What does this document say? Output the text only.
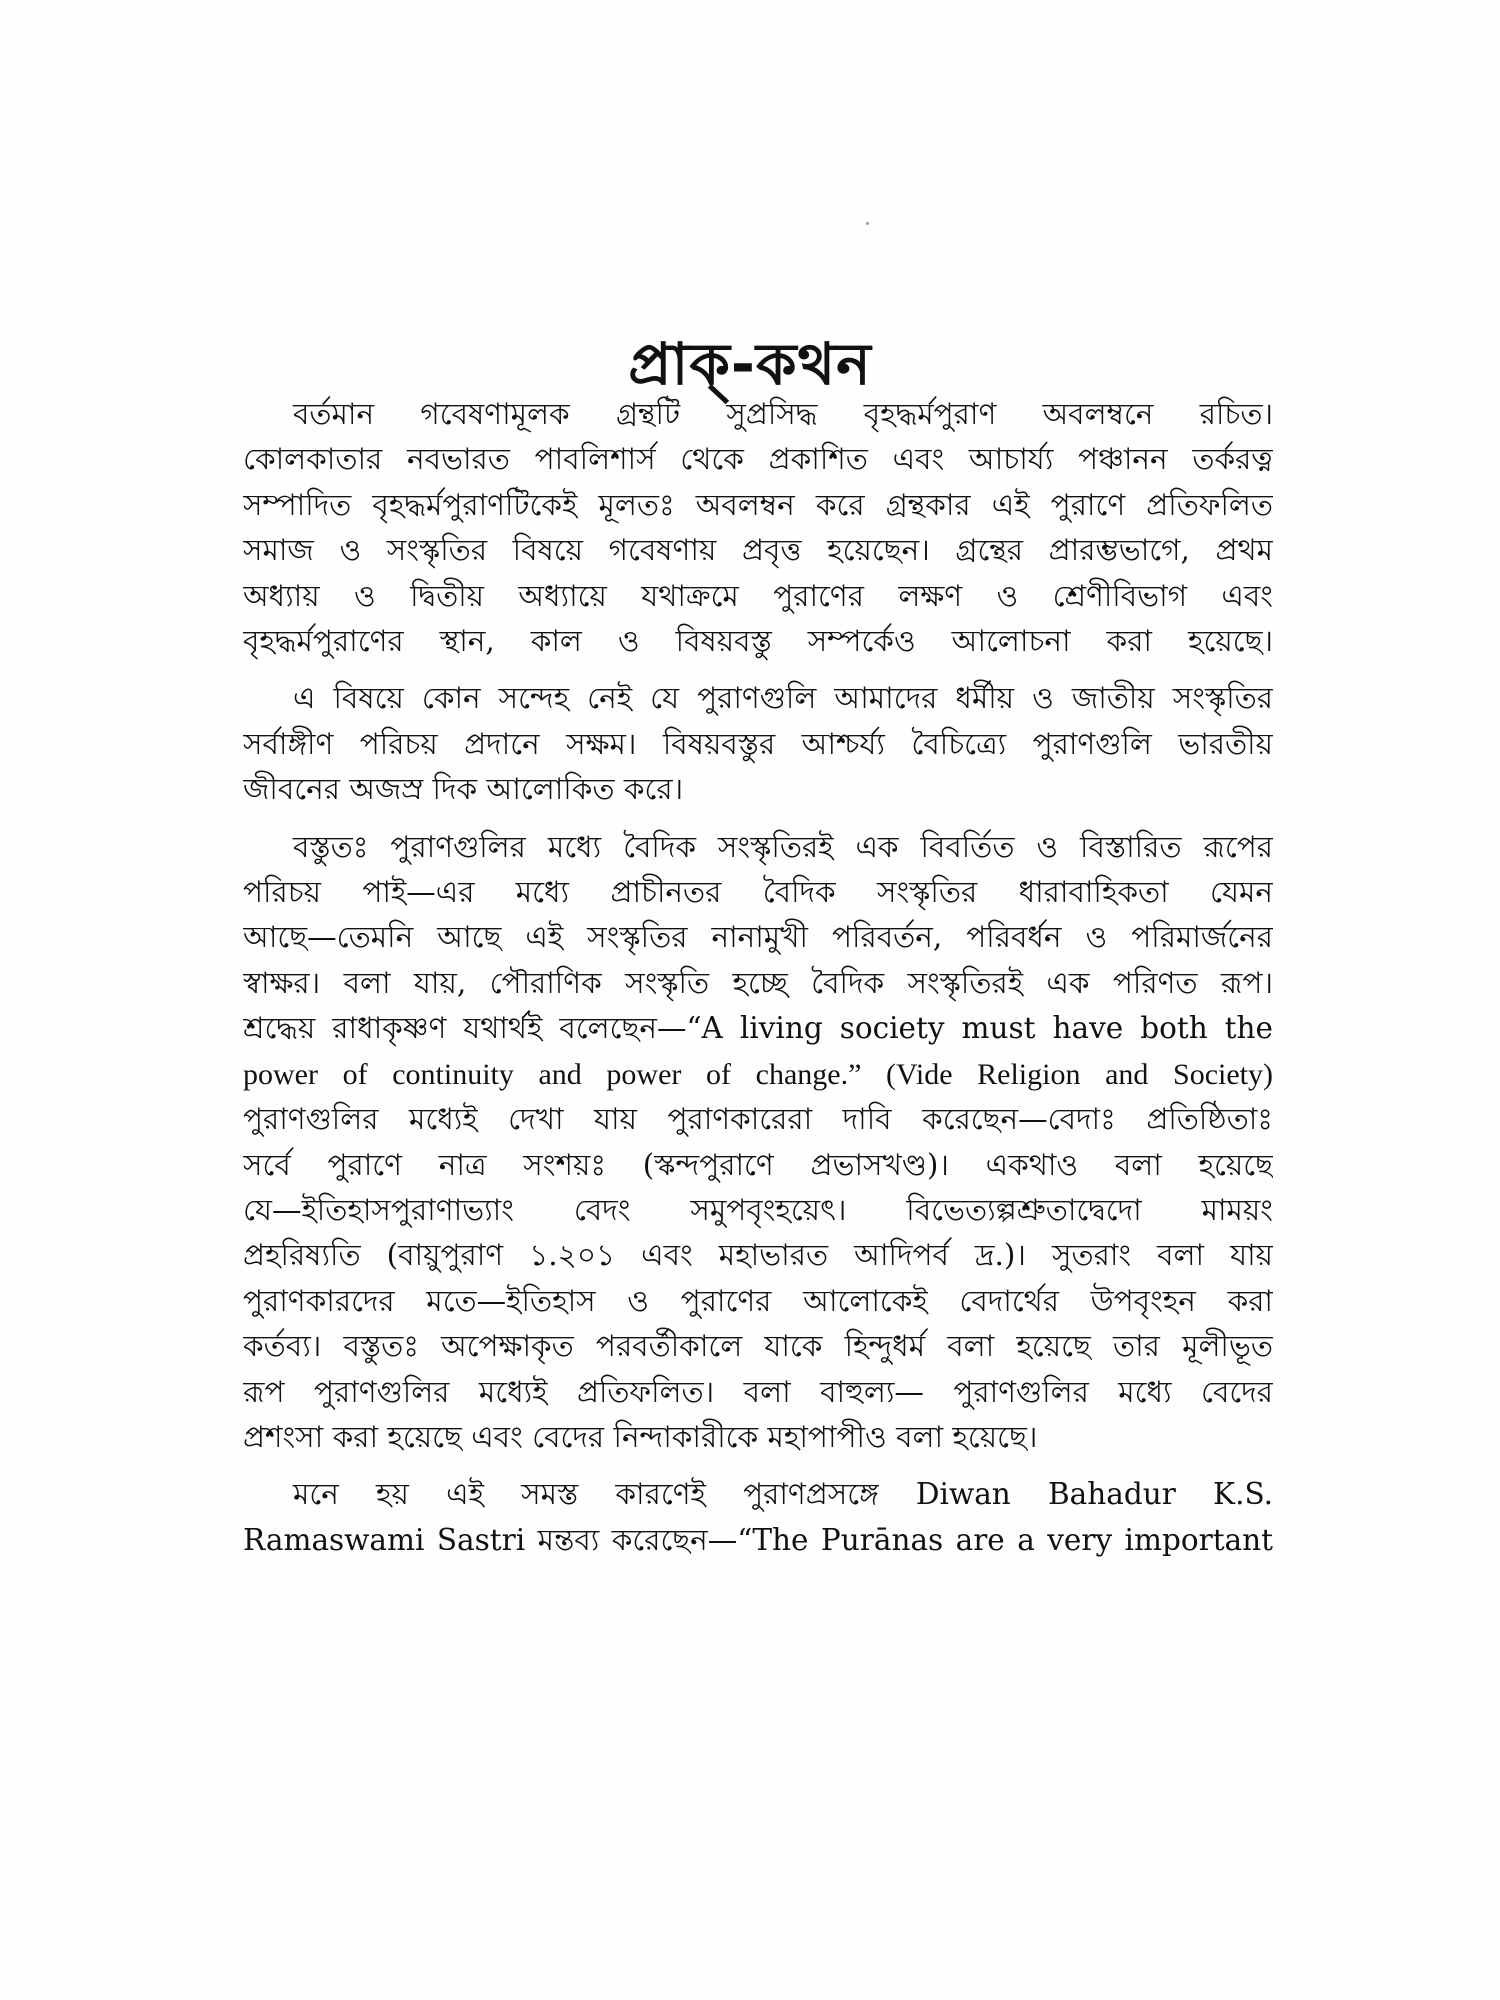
প্রাক্-কথন
বর্তমান গবেষণামূলক গ্রন্থটি সুপ্রসিদ্ধ বৃহদ্ধর্মপুরাণ অবলম্বনে রচিত।
কোলকাতার নবভারত পাবলিশার্স থেকে প্রকাশিত এবং আচার্য্য পঞ্চানন তর্করত্ন
সম্পাদিত বৃহদ্ধর্মপুরাণটিকেই মূলতঃ অবলম্বন করে গ্রন্থকার এই পুরাণে প্রতিফলিত
সমাজ ও সংস্কৃতির বিষয়ে গবেষণায় প্রবৃত্ত হয়েছেন। গ্রন্থের প্রারম্ভভাগে, প্রথম
অধ্যায় ও দ্বিতীয় অধ্যায়ে যথাক্রমে পুরাণের লক্ষণ ও শ্রেণীবিভাগ এবং
বৃহদ্ধর্মপুরাণের স্থান, কাল ও বিষয়বস্তু সম্পর্কেও আলোচনা করা হয়েছে।
এ বিষয়ে কোন সন্দেহ নেই যে পুরাণগুলি আমাদের ধর্মীয় ও জাতীয় সংস্কৃতির
সর্বাঙ্গীণ পরিচয় প্রদানে সক্ষম। বিষয়বস্তুর আশ্চর্য্য বৈচিত্র্যে পুরাণগুলি ভারতীয়
জীবনের অজস্র দিক আলোকিত করে।
বস্তুতঃ পুরাণগুলির মধ্যে বৈদিক সংস্কৃতিরই এক বিবর্তিত ও বিস্তারিত রূপের
পরিচয় পাই—এর মধ্যে প্রাচীনতর বৈদিক সংস্কৃতির ধারাবাহিকতা যেমন
আছে—তেমনি আছে এই সংস্কৃতির নানামুখী পরিবর্তন, পরিবর্ধন ও পরিমার্জনের
স্বাক্ষর। বলা যায়, পৌরাণিক সংস্কৃতি হচ্ছে বৈদিক সংস্কৃতিরই এক পরিণত রূপ।
শ্রদ্ধেয় রাধাকৃষ্ণণ যথার্থই বলেছেন—“A living society must have both the
power of continuity and power of change.” (Vide Religion and Society)
পুরাণগুলির মধ্যেই দেখা যায় পুরাণকারেরা দাবি করেছেন—বেদাঃ প্রতিষ্ঠিতাঃ
সর্বে পুরাণে নাত্র সংশয়ঃ (স্কন্দপুরাণে প্রভাসখণ্ড)। একথাও বলা হয়েছে
যে—ইতিহাসপুরাণাভ্যাং বেদং সমুপবৃংহয়েৎ। বিভেত্যল্পশ্রুতাদ্বেদো মাময়ং
প্রহরিষ্যতি (বায়ুপুরাণ ১.২০১ এবং মহাভারত আদিপর্ব দ্র.)। সুতরাং বলা যায়
পুরাণকারদের মতে—ইতিহাস ও পুরাণের আলোকেই বেদার্থের উপবৃংহন করা
কর্তব্য। বস্তুতঃ অপেক্ষাকৃত পরবর্তীকালে যাকে হিন্দুধর্ম বলা হয়েছে তার মূলীভূত
রূপ পুরাণগুলির মধ্যেই প্রতিফলিত। বলা বাহুল্য— পুরাণগুলির মধ্যে বেদের
প্রশংসা করা হয়েছে এবং বেদের নিন্দাকারীকে মহাপাপীও বলা হয়েছে।
মনে হয় এই সমস্ত কারণেই পুরাণপ্রসঙ্গে Diwan Bahadur K.S.
Ramaswami Sastri মন্তব্য করেছেন—“The Purānas are a very important
